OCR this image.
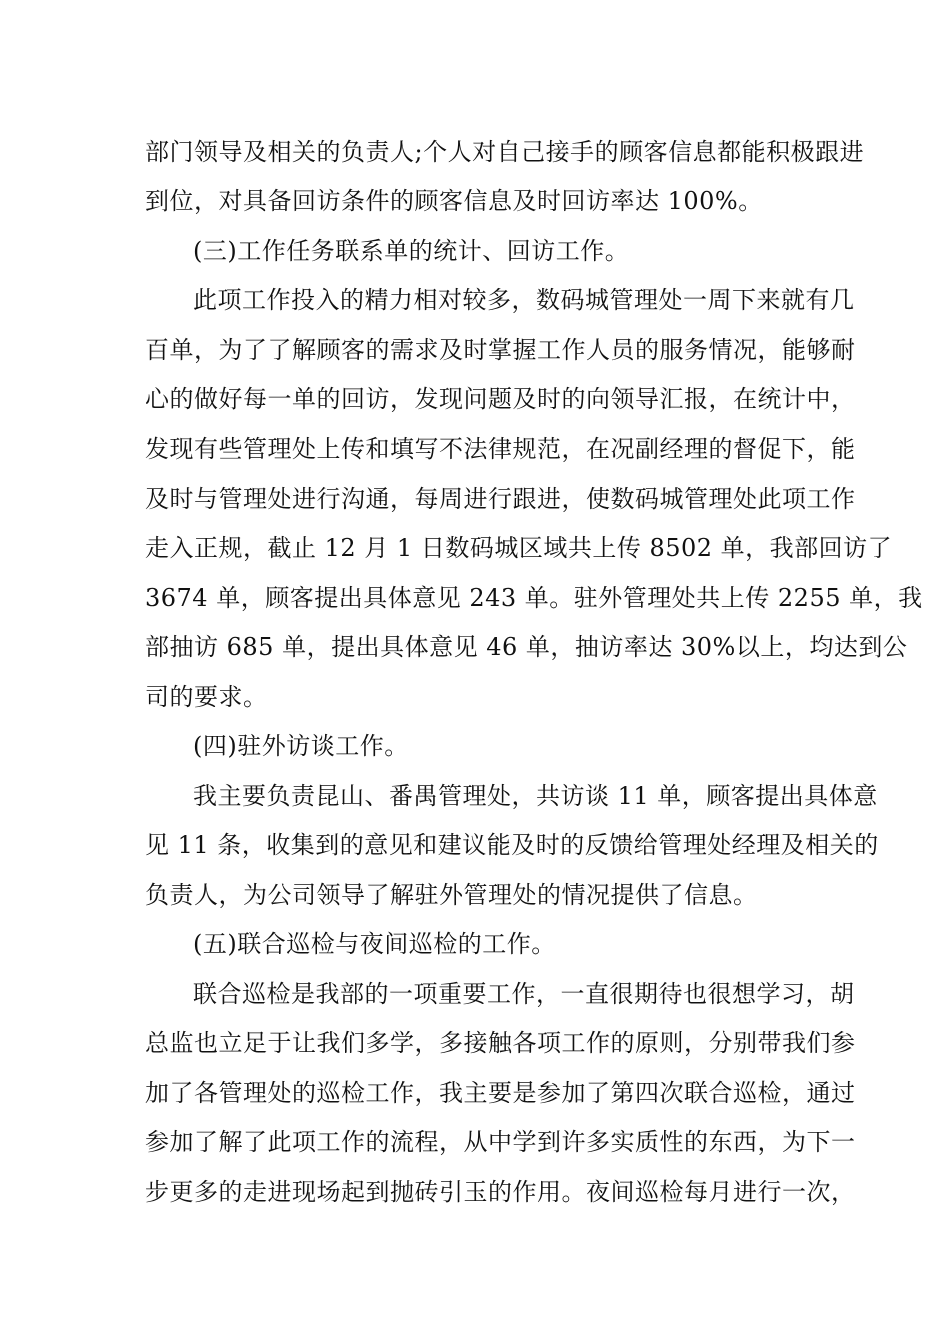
部门领导及相关的负责人;个人对自己接手的顾客信息都能积极跟进
到位，对具备回访条件的顾客信息及时回访率达 100%。
(三)工作任务联系单的统计、回访工作。
此项工作投入的精力相对较多，数码城管理处一周下来就有几
百单，为了了解顾客的需求及时掌握工作人员的服务情况，能够耐
心的做好每一单的回访，发现问题及时的向领导汇报，在统计中，
发现有些管理处上传和填写不法律规范，在况副经理的督促下，能
及时与管理处进行沟通，每周进行跟进，使数码城管理处此项工作
走入正规，截止 12 月 1 日数码城区域共上传 8502 单，我部回访了
3674 单，顾客提出具体意见 243 单。驻外管理处共上传 2255 单，我
部抽访 685 单，提出具体意见 46 单，抽访率达 30%以上，均达到公
司的要求。
(四)驻外访谈工作。
我主要负责昆山、番禺管理处，共访谈 11 单，顾客提出具体意
见 11 条，收集到的意见和建议能及时的反馈给管理处经理及相关的
负责人，为公司领导了解驻外管理处的情况提供了信息。
(五)联合巡检与夜间巡检的工作。
联合巡检是我部的一项重要工作，一直很期待也很想学习，胡
总监也立足于让我们多学，多接触各项工作的原则，分别带我们参
加了各管理处的巡检工作，我主要是参加了第四次联合巡检，通过
参加了解了此项工作的流程，从中学到许多实质性的东西，为下一
步更多的走进现场起到抛砖引玉的作用。夜间巡检每月进行一次，
